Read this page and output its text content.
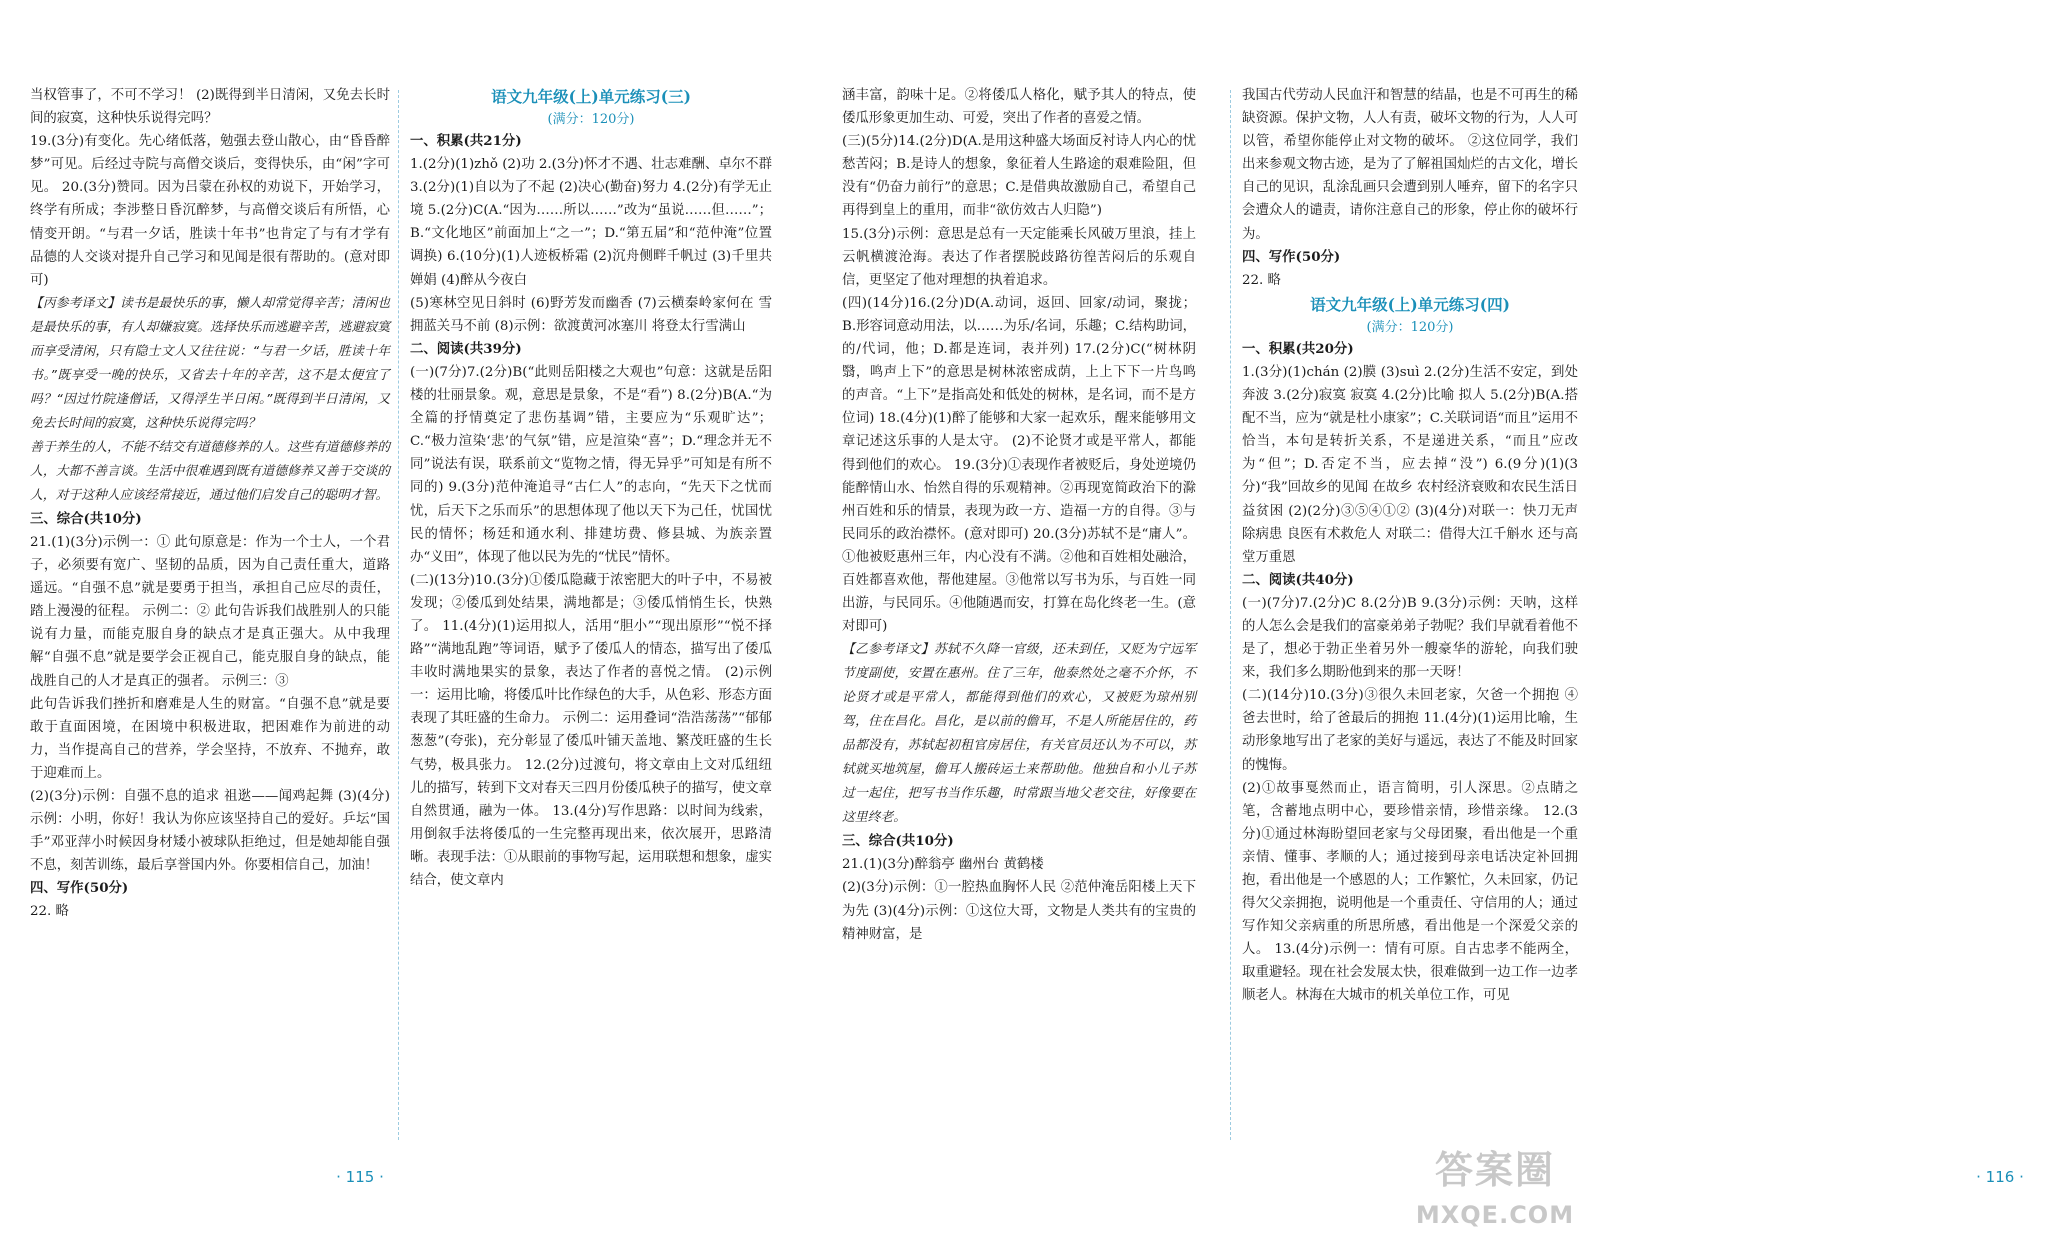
当权管事了，不可不学习！ (2)既得到半日清闲，又免去长时间的寂寞，这种快乐说得完吗？

19.(3分)有变化。先心绪低落，勉强去登山散心，由“昏昏醉梦”可见。后经过寺院与高僧交谈后，变得快乐，由“闲”字可见。 20.(3分)赞同。因为吕蒙在孙权的劝说下，开始学习，终学有所成；李涉整日昏沉醉梦，与高僧交谈后有所悟，心情变开朗。“与君一夕话，胜读十年书”也肯定了与有才学有品德的人交谈对提升自己学习和见闻是很有帮助的。(意对即可)

【丙参考译文】读书是最快乐的事，懒人却常觉得辛苦；清闲也是最快乐的事，有人却嫌寂寞。选择快乐而逃避辛苦，逃避寂寞而享受清闲，只有隐士文人又往往说：“与君一夕话，胜读十年书。”既享受一晚的快乐，又省去十年的辛苦，这不是太便宜了吗？“因过竹院逢僧话，又得浮生半日闲。”既得到半日清闲，又免去长时间的寂寞，这种快乐说得完吗？

善于养生的人，不能不结交有道德修养的人。这些有道德修养的人，大都不善言谈。生活中很难遇到既有道德修养又善于交谈的人，对于这种人应该经常接近，通过他们启发自己的聪明才智。

三、综合(共10分)

21.(1)(3分)示例一：① 此句原意是：作为一个士人，一个君子，必须要有宽广、坚韧的品质，因为自己责任重大，道路遥远。“自强不息”就是要勇于担当，承担自己应尽的责任，踏上漫漫的征程。 示例二：② 此句告诉我们战胜别人的只能说有力量，而能克服自身的缺点才是真正强大。从中我理解“自强不息”就是要学会正视自己，能克服自身的缺点，能战胜自己的人才是真正的强者。 示例三：③

此句告诉我们挫折和磨难是人生的财富。“自强不息”就是要敢于直面困境，在困境中积极进取，把困难作为前进的动力，当作提高自己的营养，学会坚持，不放弃、不抛弃，敢于迎难而上。

(2)(3分)示例：自强不息的追求 祖逖——闻鸡起舞 (3)(4分)示例：小明，你好！我认为你应该坚持自己的爱好。乒坛“国手”邓亚萍小时候因身材矮小被球队拒绝过，但是她却能自强不息，刻苦训练，最后享誉国内外。你要相信自己，加油！

四、写作(50分)

22. 略

语文九年级(上)单元练习(三)

(满分：120分)

一、积累(共21分)

1.(2分)(1)zhǒ (2)功 2.(3分)怀才不遇、壮志难酬、卓尔不群 3.(2分)(1)自以为了不起 (2)决心(勤奋)努力 4.(2分)有学无止境 5.(2分)C(A.“因为……所以……”改为“虽说……但……”；B.“文化地区”前面加上“之一”；D.“第五届”和“范仲淹”位置调换) 6.(10分)(1)人迹板桥霜 (2)沉舟侧畔千帆过 (3)千里共婵娟 (4)醉从今夜白

(5)寒林空见日斜时 (6)野芳发而幽香 (7)云横秦岭家何在 雪拥蓝关马不前 (8)示例：欲渡黄河冰塞川 将登太行雪满山

二、阅读(共39分)

(一)(7分)7.(2分)B(“此则岳阳楼之大观也”句意：这就是岳阳楼的壮丽景象。观，意思是景象，不是“看”) 8.(2分)B(A.“为全篇的抒情奠定了悲伤基调”错，主要应为“乐观旷达”；C.“极力渲染‘悲’的气氛”错，应是渲染“喜”；D.“理念并无不同”说法有误，联系前文“览物之情，得无异乎”可知是有所不同的) 9.(3分)范仲淹追寻“古仁人”的志向，“先天下之忧而忧，后天下之乐而乐”的思想体现了他以天下为己任，忧国忧民的情怀；杨廷和通水利、排建坊费、修县城、为族亲置办“义田”，体现了他以民为先的“忧民”情怀。

(二)(13分)10.(3分)①倭瓜隐藏于浓密肥大的叶子中，不易被发现；②倭瓜到处结果，满地都是；③倭瓜悄悄生长，快熟了。 11.(4分)(1)运用拟人，活用“胆小”“现出原形”“悦不择路”“满地乱跑”等词语，赋予了倭瓜人的情态，描写出了倭瓜丰收时满地果实的景象，表达了作者的喜悦之情。 (2)示例一：运用比喻，将倭瓜叶比作绿色的大手，从色彩、形态方面表现了其旺盛的生命力。 示例二：运用叠词“浩浩荡荡”“郁郁葱葱”(夸张)，充分彰显了倭瓜叶铺天盖地、繁茂旺盛的生长气势，极具张力。 12.(2分)过渡句，将文章由上文对瓜纽纽儿的描写，转到下文对春天三四月份倭瓜秧子的描写，使文章自然贯通，融为一体。 13.(4分)写作思路：以时间为线索，用倒叙手法将倭瓜的一生完整再现出来，依次展开，思路清晰。表现手法：①从眼前的事物写起，运用联想和想象，虚实结合，使文章内

· 115 ·

涵丰富，韵味十足。②将倭瓜人格化，赋予其人的特点，使倭瓜形象更加生动、可爱，突出了作者的喜爱之情。

(三)(5分)14.(2分)D(A.是用这种盛大场面反衬诗人内心的忧愁苦闷；B.是诗人的想象，象征着人生路途的艰难险阻，但没有“仍奋力前行”的意思；C.是借典故激励自己，希望自己再得到皇上的重用，而非“欲仿效古人归隐”)

15.(3分)示例：意思是总有一天定能乘长风破万里浪，挂上云帆横渡沧海。表达了作者摆脱歧路彷徨苦闷后的乐观自信，更坚定了他对理想的执着追求。

(四)(14分)16.(2分)D(A.动词，返回、回家/动词，聚拢；B.形容词意动用法，以……为乐/名词，乐趣；C.结构助词，的/代词，他；D.都是连词，表并列) 17.(2分)C(“树林阴翳，鸣声上下”的意思是树林浓密成荫，上上下下一片鸟鸣的声音。“上下”是指高处和低处的树林，是名词，而不是方位词) 18.(4分)(1)醉了能够和大家一起欢乐，醒来能够用文章记述这乐事的人是太守。 (2)不论贤才或是平常人，都能得到他们的欢心。 19.(3分)①表现作者被贬后，身处逆境仍能醉情山水、怡然自得的乐观精神。②再现宽简政治下的滁州百姓和乐的情景，表现为政一方、造福一方的自得。③与民同乐的政治襟怀。(意对即可) 20.(3分)苏轼不是“庸人”。①他被贬惠州三年，内心没有不满。②他和百姓相处融洽，百姓都喜欢他，帮他建屋。③他常以写书为乐，与百姓一同出游，与民同乐。④他随遇而安，打算在岛化终老一生。(意对即可)

【乙参考译文】苏轼不久降一官级，还未到任，又贬为宁远军节度副使，安置在惠州。住了三年，他泰然处之毫不介怀，不论贤才或是平常人，都能得到他们的欢心，又被贬为琼州别驾，住在昌化。昌化，是以前的儋耳，不是人所能居住的，药品都没有，苏轼起初租官房居住，有关官员还认为不可以，苏轼就买地筑屋，儋耳人搬砖运土来帮助他。他独自和小儿子苏过一起住，把写书当作乐趣，时常跟当地父老交往，好像要在这里终老。

三、综合(共10分)

21.(1)(3分)醉翁亭 幽州台 黄鹤楼

(2)(3分)示例：①一腔热血胸怀人民 ②范仲淹岳阳楼上天下为先 (3)(4分)示例：①这位大哥，文物是人类共有的宝贵的精神财富，是

我国古代劳动人民血汗和智慧的结晶，也是不可再生的稀缺资源。保护文物，人人有责，破坏文物的行为，人人可以管，希望你能停止对文物的破坏。 ②这位同学，我们出来参观文物古迹，是为了了解祖国灿烂的古文化，增长自己的见识，乱涂乱画只会遭到别人唾弃，留下的名字只会遭众人的谴责，请你注意自己的形象，停止你的破坏行为。

四、写作(50分)

22. 略

语文九年级(上)单元练习(四)

(满分：120分)

一、积累(共20分)

1.(3分)(1)chán (2)膜 (3)suì 2.(2分)生活不安定，到处奔波 3.(2分)寂寞 寂寞 4.(2分)比喻 拟人 5.(2分)B(A.搭配不当，应为“就是杜小康家”；C.关联词语“而且”运用不恰当，本句是转折关系，不是递进关系，“而且”应改为“但”；D.否定不当，应去掉“没”) 6.(9分)(1)(3分)“我”回故乡的见闻 在故乡 农村经济衰败和农民生活日益贫困 (2)(2分)③⑤④①② (3)(4分)对联一：快刀无声除病患 良医有术救危人 对联二：借得大江千斛水 还与高堂万重恩

二、阅读(共40分)

(一)(7分)7.(2分)C 8.(2分)B 9.(3分)示例：天呐，这样的人怎么会是我们的富豪弟弟子勃呢？我们早就看着他不是了，想必于勃正坐着另外一艘豪华的游轮，向我们驶来，我们多么期盼他到来的那一天呀！

(二)(14分)10.(3分)③很久未回老家，欠爸一个拥抱 ④爸去世时，给了爸最后的拥抱 11.(4分)(1)运用比喻，生动形象地写出了老家的美好与遥远，表达了不能及时回家的愧悔。

(2)①故事戛然而止，语言简明，引人深思。②点睛之笔，含蓄地点明中心，要珍惜亲情，珍惜亲缘。 12.(3分)①通过林海盼望回老家与父母团聚，看出他是一个重亲情、懂事、孝顺的人；通过接到母亲电话决定补回拥抱，看出他是一个感恩的人；工作繁忙，久未回家，仍记得欠父亲拥抱，说明他是一个重责任、守信用的人；通过写作知父亲病重的所思所感，看出他是一个深爱父亲的人。 13.(4分)示例一：情有可原。自古忠孝不能两全，取重避轻。现在社会发展太快，很难做到一边工作一边孝顺老人。林海在大城市的机关单位工作，可见

· 116 ·
答案圈
MXQE.COM
